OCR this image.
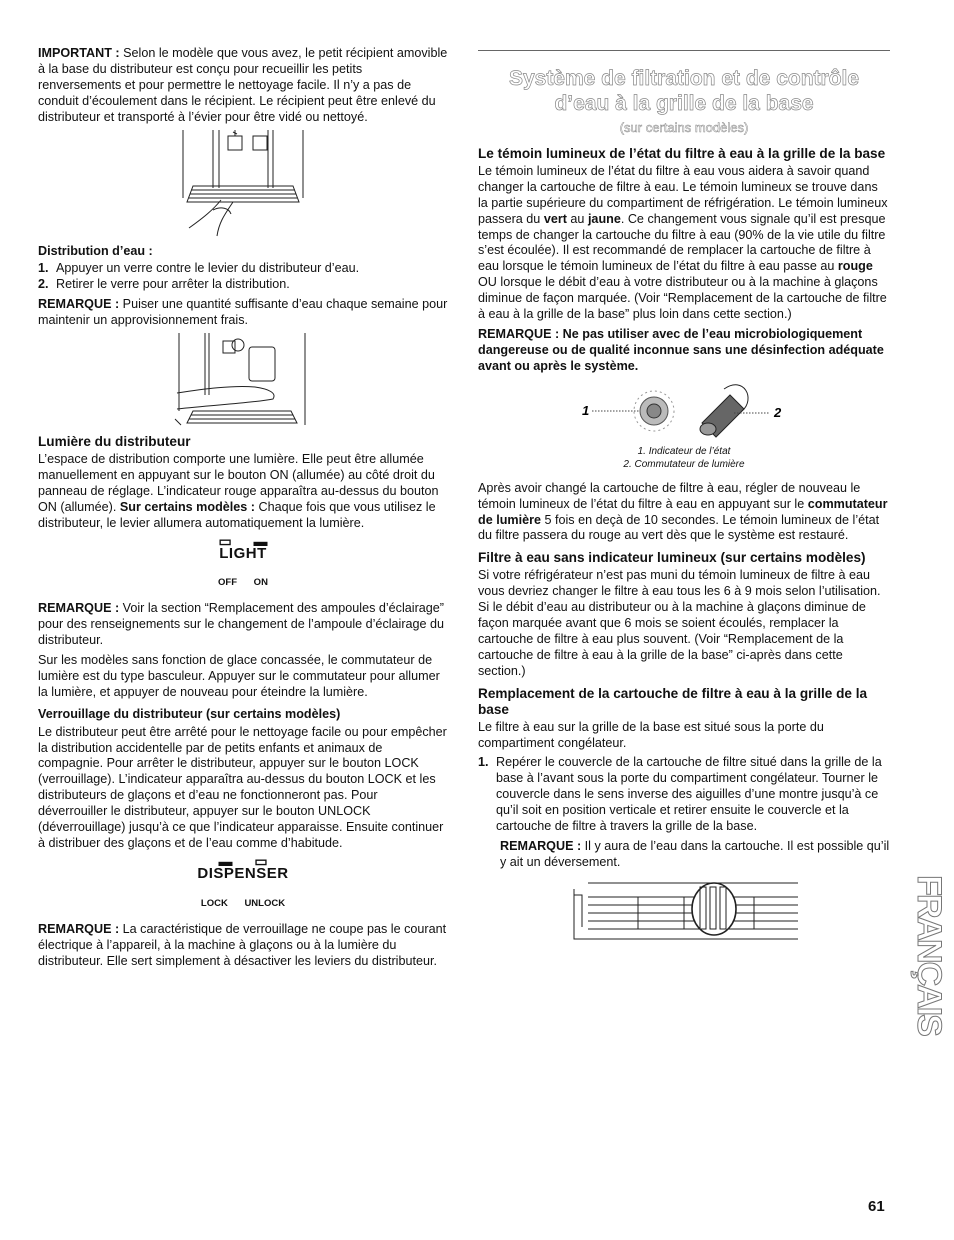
IMPORTANT : Selon le modèle que vous avez, le petit récipient amovible à la base du distributeur est conçu pour recueillir les petits renversements et pour permettre le nettoyage facile. Il n’y a pas de conduit d’écoulement dans le récipient. Le récipient peut être enlevé du distributeur et transporté à l’évier pour être vidé ou nettoyé.

Distribution d’eau :

1. Appuyer un verre contre le levier du distributeur d’eau.
2. Retirer le verre pour arrêter la distribution.

REMARQUE : Puiser une quantité suffisante d’eau chaque semaine pour maintenir un approvisionnement frais.

Lumière du distributeur

L’espace de distribution comporte une lumière. Elle peut être allumée manuellement en appuyant sur le bouton ON (allumée) au côté droit du panneau de réglage. L’indicateur rouge apparaîtra au-dessus du bouton ON (allumée). Sur certains modèles : Chaque fois que vous utilisez le distributeur, le levier allumera automatiquement la lumière.

▭ ▬
LIGHT
OFF ON

REMARQUE : Voir la section “Remplacement des ampoules d’éclairage” pour des renseignements sur le changement de l’ampoule d’éclairage du distributeur.

Sur les modèles sans fonction de glace concassée, le commutateur de lumière est du type basculeur. Appuyer sur le commutateur pour allumer la lumière, et appuyer de nouveau pour éteindre la lumière.

Verrouillage du distributeur (sur certains modèles)

Le distributeur peut être arrêté pour le nettoyage facile ou pour empêcher la distribution accidentelle par de petits enfants et animaux de compagnie. Pour arrêter le distributeur, appuyer sur le bouton LOCK (verrouillage). L’indicateur apparaîtra au-dessus du bouton LOCK et les distributeurs de glaçons et d’eau ne fonctionneront pas. Pour déverrouiller le distributeur, appuyer sur le bouton UNLOCK (déverrouillage) jusqu’à ce que l’indicateur apparaisse. Ensuite continuer à distribuer des glaçons et de l’eau comme d’habitude.

▬ ▭
DISPENSER
LOCK UNLOCK

REMARQUE : La caractéristique de verrouillage ne coupe pas le courant électrique à l’appareil, à la machine à glaçons ou à la lumière du distributeur. Elle sert simplement à désactiver les leviers du distributeur.

Système de filtration et de contrôle
d’eau à la grille de la base
(sur certains modèles)

Le témoin lumineux de l’état du filtre à eau à la grille de la base

Le témoin lumineux de l’état du filtre à eau vous aidera à savoir quand changer la cartouche de filtre à eau. Le témoin lumineux se trouve dans la partie supérieure du compartiment de réfrigération. Le témoin lumineux passera du vert au jaune. Ce changement vous signale qu’il est presque temps de changer la cartouche du filtre à eau (90% de la vie utile du filtre s’est écoulée). Il est recommandé de remplacer la cartouche de filtre à eau lorsque le témoin lumineux de l’état du filtre à eau passe au rouge OU lorsque le débit d’eau à votre distributeur ou à la machine à glaçons diminue de façon marquée. (Voir “Remplacement de la cartouche de filtre à eau à la grille de la base” plus loin dans cette section.)

REMARQUE : Ne pas utiliser avec de l’eau microbiologiquement dangereuse ou de qualité inconnue sans une désinfection adéquate avant ou après le système.

1	2
1. Indicateur de l’état
2. Commutateur de lumière

Après avoir changé la cartouche de filtre à eau, régler de nouveau le témoin lumineux de l’état du filtre à eau en appuyant sur le commutateur de lumière 5 fois en deçà de 10 secondes. Le témoin lumineux de l’état du filtre passera du rouge au vert dès que le système est restauré.

Filtre à eau sans indicateur lumineux (sur certains modèles)

Si votre réfrigérateur n’est pas muni du témoin lumineux de filtre à eau vous devriez changer le filtre à eau tous les 6 à 9 mois selon l’utilisation. Si le débit d’eau au distributeur ou à la machine à glaçons diminue de façon marquée avant que 6 mois se soient écoulés, remplacer la cartouche de filtre à eau plus souvent. (Voir “Remplacement de la cartouche de filtre à eau à la grille de la base” ci-après dans cette section.)

Remplacement de la cartouche de filtre à eau à la grille de la base

Le filtre à eau sur la grille de la base est situé sous la porte du compartiment congélateur.

1. Repérer le couvercle de la cartouche de filtre situé dans la grille de la base à l’avant sous la porte du compartiment congélateur. Tourner le couvercle dans le sens inverse des aiguilles d’une montre jusqu’à ce qu’il soit en position verticale et retirer ensuite le couvercle et la cartouche de filtre à travers la grille de la base.

REMARQUE : Il y aura de l’eau dans la cartouche. Il est possible qu’il y ait un déversement.

FRANÇAIS
61
